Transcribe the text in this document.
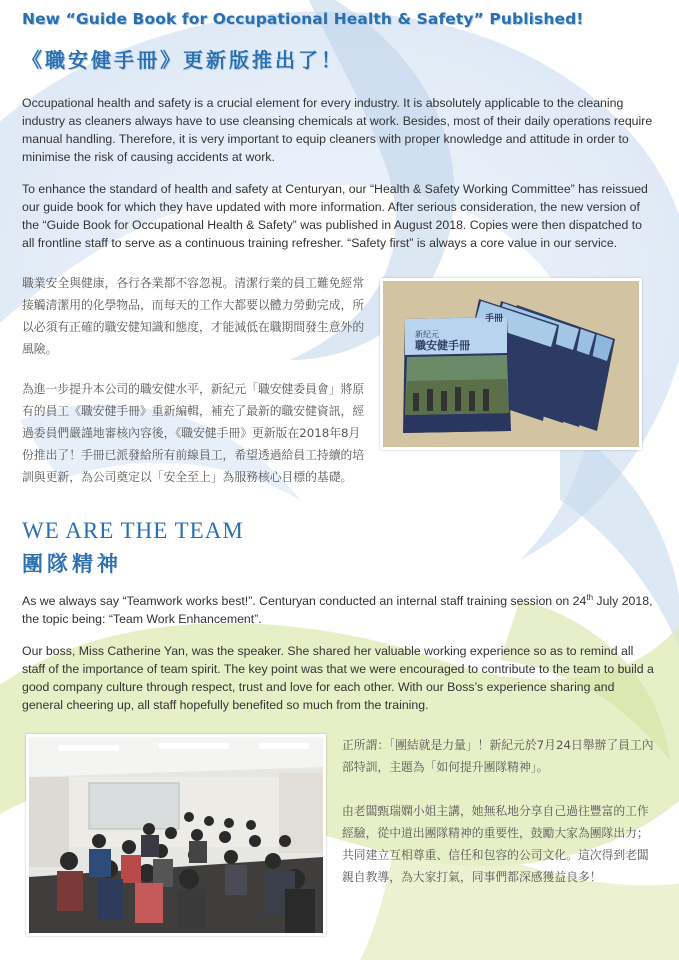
New “Guide Book for Occupational Health & Safety” Published!
《職安健手冊》更新版推出了！

Occupational health and safety is a crucial element for every industry. It is absolutely applicable to the cleaning industry as cleaners always have to use cleansing chemicals at work. Besides, most of their daily operations require manual handling. Therefore, it is very important to equip cleaners with proper knowledge and attitude in order to minimise the risk of causing accidents at work.

To enhance the standard of health and safety at Centuryan, our “Health & Safety Working Committee” has reissued our guide book for which they have updated with more information. After serious consideration, the new version of the “Guide Book for Occupational Health & Safety” was published in August 2018. Copies were then dispatched to all frontline staff to serve as a continuous training refresher. “Safety first” is always a core value in our service.

職業安全與健康，各行各業都不容忽視。清潔行業的員工難免經常接觸清潔用的化學物品，而每天的工作大都要以體力勞動完成，所以必須有正確的職安健知識和態度，才能減低在職期間發生意外的風險。

為進一步提升本公司的職安健水平，新紀元「職安健委員會」將原有的員工《職安健手冊》重新編輯，補充了最新的職安健資訊，經過委員們嚴謹地審核內容後，《職安健手冊》更新版在2018年8月份推出了！手冊已派發給所有前線員工，希望透過給員工持續的培訓與更新，為公司奠定以「安全至上」為服務核心目標的基礎。

新紀元
職安健手冊
手冊
WE ARE THE TEAM
團隊精神

As we always say “Teamwork works best!”. Centuryan conducted an internal staff training session on 24th July 2018, the topic being: “Team Work Enhancement”.

Our boss, Miss Catherine Yan, was the speaker. She shared her valuable working experience so as to remind all staff of the importance of team spirit. The key point was that we were encouraged to contribute to the team to build a good company culture through respect, trust and love for each other. With our Boss’s experience sharing and general cheering up, all staff hopefully benefited so much from the training.

正所謂：「團結就是力量」！新紀元於7月24日舉辦了員工內部特訓，主題為「如何提升團隊精神」。

由老闆甄瑞嫻小姐主講，她無私地分享自己過往豐富的工作經驗，從中道出團隊精神的重要性，鼓勵大家為團隊出力；共同建立互相尊重、信任和包容的公司文化。這次得到老闆親自教導，為大家打氣，同事們都深感獲益良多！
